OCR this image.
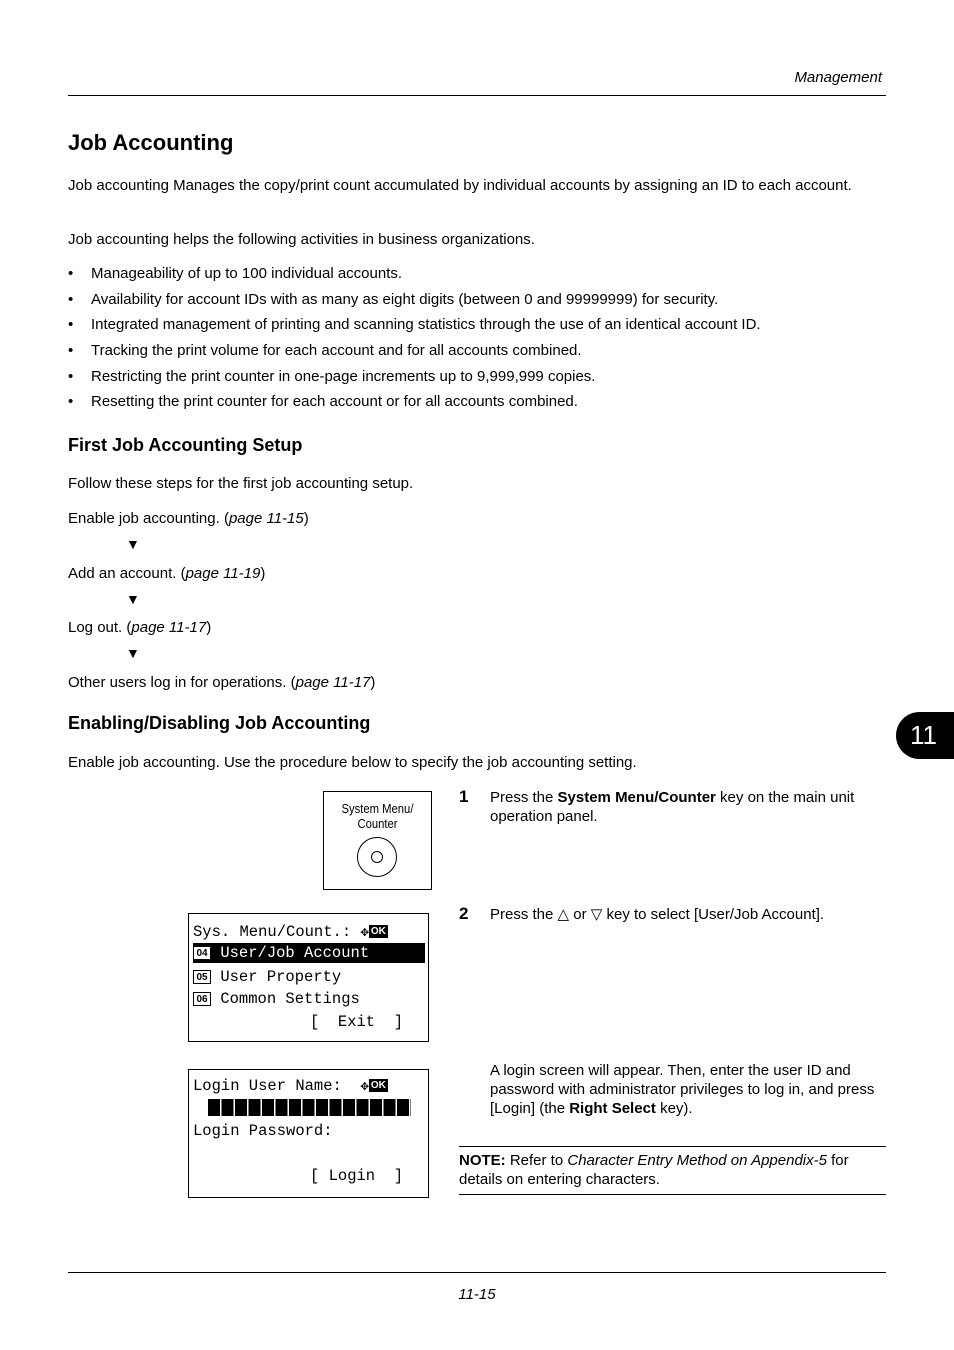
Management
Job Accounting
Job accounting Manages the copy/print count accumulated by individual accounts by assigning an ID to each account.
Job accounting helps the following activities in business organizations.
• Manageability of up to 100 individual accounts.
• Availability for account IDs with as many as eight digits (between 0 and 99999999) for security.
• Integrated management of printing and scanning statistics through the use of an identical account ID.
• Tracking the print volume for each account and for all accounts combined.
• Restricting the print counter in one-page increments up to 9,999,999 copies.
• Resetting the print counter for each account or for all accounts combined.
First Job Accounting Setup
Follow these steps for the first job accounting setup.
Enable job accounting. (page 11-15)
▼
Add an account. (page 11-19)
▼
Log out. (page 11-17)
▼
Other users log in for operations. (page 11-17)
Enabling/Disabling Job Accounting
Enable job accounting. Use the procedure below to specify the job accounting setting.
11
System Menu/
Counter
1 Press the System Menu/Counter key on the main unit operation panel.
2 Press the △ or ▽ key to select [User/Job Account].
Sys. Menu/Count.: ✥ OK
04 User/Job Account
05 User Property
06 Common Settings
[  Exit  ]
A login screen will appear. Then, enter the user ID and password with administrator privileges to log in, and press [Login] (the Right Select key).
Login User Name: ✥ OK
Login Password:
[ Login  ]
NOTE: Refer to Character Entry Method on Appendix-5 for details on entering characters.
11-15
